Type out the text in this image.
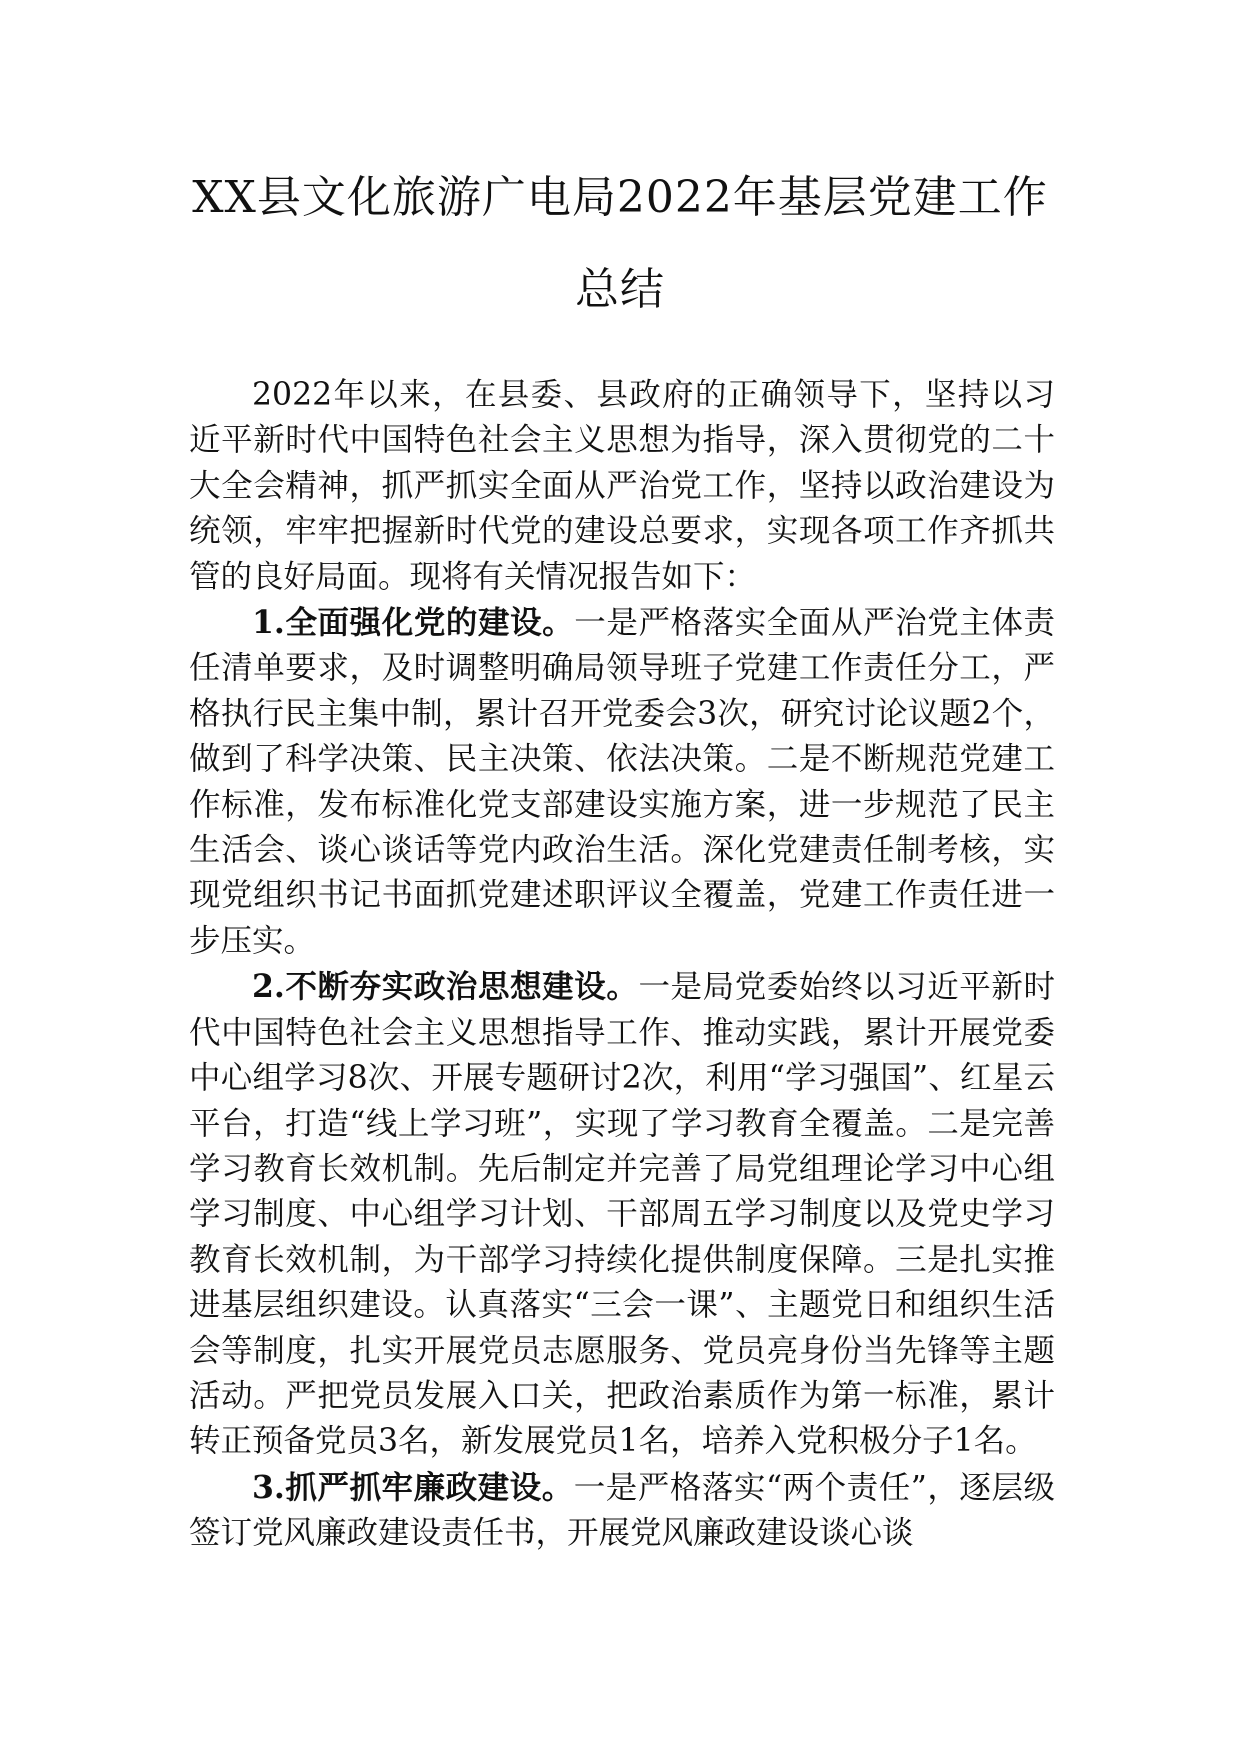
XX县文化旅游广电局2022年基层党建工作总结

2022年以来，在县委、县政府的正确领导下，坚持以习近平新时代中国特色社会主义思想为指导，深入贯彻党的二十大全会精神，抓严抓实全面从严治党工作，坚持以政治建设为统领，牢牢把握新时代党的建设总要求，实现各项工作齐抓共管的良好局面。现将有关情况报告如下：

1.全面强化党的建设。一是严格落实全面从严治党主体责任清单要求，及时调整明确局领导班子党建工作责任分工，严格执行民主集中制，累计召开党委会3次，研究讨论议题2个，做到了科学决策、民主决策、依法决策。二是不断规范党建工作标准，发布标准化党支部建设实施方案，进一步规范了民主生活会、谈心谈话等党内政治生活。深化党建责任制考核，实现党组织书记书面抓党建述职评议全覆盖，党建工作责任进一步压实。

2.不断夯实政治思想建设。一是局党委始终以习近平新时代中国特色社会主义思想指导工作、推动实践，累计开展党委中心组学习8次、开展专题研讨2次，利用“学习强国”、红星云平台，打造“线上学习班”，实现了学习教育全覆盖。二是完善学习教育长效机制。先后制定并完善了局党组理论学习中心组学习制度、中心组学习计划、干部周五学习制度以及党史学习教育长效机制，为干部学习持续化提供制度保障。三是扎实推进基层组织建设。认真落实“三会一课”、主题党日和组织生活会等制度，扎实开展党员志愿服务、党员亮身份当先锋等主题活动。严把党员发展入口关，把政治素质作为第一标准，累计转正预备党员3名，新发展党员1名，培养入党积极分子1名。

3.抓严抓牢廉政建设。一是严格落实“两个责任”，逐层级签订党风廉政建设责任书，开展党风廉政建设谈心谈
